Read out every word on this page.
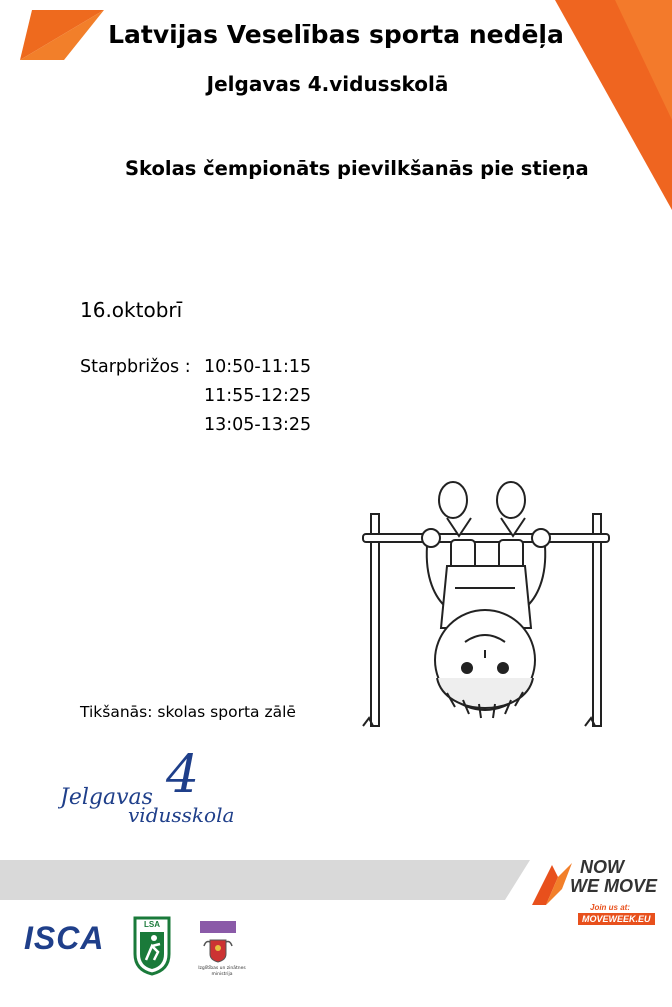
Latvijas Veselības sporta nedēļa
Jelgavas 4.vidusskolā
Skolas čempionāts pievilkšanās pie stieņa
16.oktobrī
Starpbrižos : 10:50-11:15
11:55-12:25
13:05-13:25
Tikšanās: skolas sporta zālē
Jelgavas 4
vidusskola
NOW
WE MOVE
Join us at:
MOVEWEEK.EU
ISCA	LSA
Izglītības un zinātnes ministrija
